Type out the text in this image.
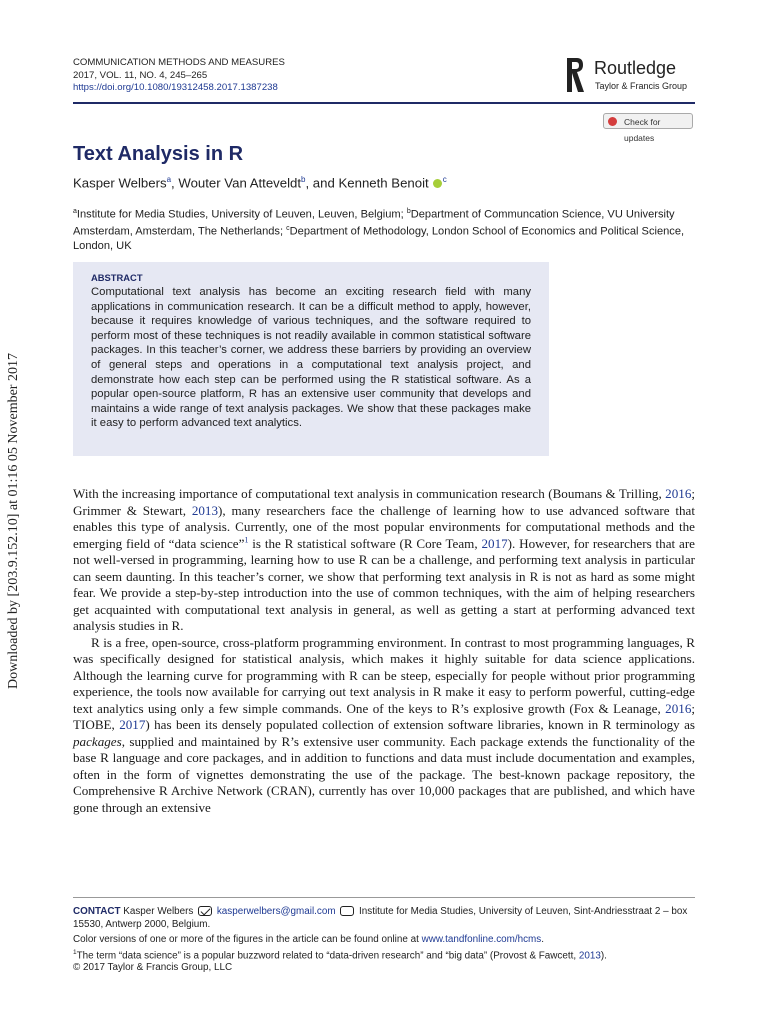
Downloaded by [203.9.152.10] at 01:16 05 November 2017
COMMUNICATION METHODS AND MEASURES
2017, VOL. 11, NO. 4, 245–265
https://doi.org/10.1080/19312458.2017.1387238
Routledge
Taylor & Francis Group
Check for updates
Text Analysis in R
Kasper Welbers$^a$, Wouter Van Atteveldt$^b$, and Kenneth Benoit $^c$
$^a$Institute for Media Studies, University of Leuven, Leuven, Belgium; $^b$Department of Communcation Science, VU University Amsterdam, Amsterdam, The Netherlands; $^c$Department of Methodology, London School of Economics and Political Science, London, UK
ABSTRACT
Computational text analysis has become an exciting research field with many applications in communication research. It can be a difficult method to apply, however, because it requires knowledge of various techniques, and the software required to perform most of these techniques is not readily available in common statistical software packages. In this teacher’s corner, we address these barriers by providing an overview of general steps and operations in a computational text analysis project, and demonstrate how each step can be performed using the R statistical software. As a popular open-source platform, R has an extensive user community that develops and maintains a wide range of text analysis packages. We show that these packages make it easy to perform advanced text analytics.

With the increasing importance of computational text analysis in communication research (Boumans & Trilling, 2016; Grimmer & Stewart, 2013), many researchers face the challenge of learning how to use advanced software that enables this type of analysis. Currently, one of the most popular environments for computational methods and the emerging field of “data science”$^1$ is the R statistical software (R Core Team, 2017). However, for researchers that are not well-versed in programming, learning how to use R can be a challenge, and performing text analysis in particular can seem daunting. In this teacher’s corner, we show that performing text analysis in R is not as hard as some might fear. We provide a step-by-step introduction into the use of common techniques, with the aim of helping researchers get acquainted with computational text analysis in general, as well as getting a start at performing advanced text analysis studies in R.

R is a free, open-source, cross-platform programming environment. In contrast to most programming languages, R was specifically designed for statistical analysis, which makes it highly suitable for data science applications. Although the learning curve for programming with R can be steep, especially for people without prior programming experience, the tools now available for carrying out text analysis in R make it easy to perform powerful, cutting-edge text analytics using only a few simple commands. One of the keys to R’s explosive growth (Fox & Leanage, 2016; TIOBE, 2017) has been its densely populated collection of extension software libraries, known in R terminology as packages, supplied and maintained by R’s extensive user community. Each package extends the functionality of the base R language and core packages, and in addition to functions and data must include documentation and examples, often in the form of vignettes demonstrating the use of the package. The best-known package repository, the Comprehensive R Archive Network (CRAN), currently has over 10,000 packages that are published, and which have gone through an extensive

CONTACT Kasper Welbers  kasperwelbers@gmail.com  Institute for Media Studies, University of Leuven, Sint-Andriesstraat 2 – box 15530, Antwerp 2000, Belgium.
Color versions of one or more of the figures in the article can be found online at www.tandfonline.com/hcms.
$^1$The term “data science” is a popular buzzword related to “data-driven research” and “big data” (Provost & Fawcett, 2013).
© 2017 Taylor & Francis Group, LLC
